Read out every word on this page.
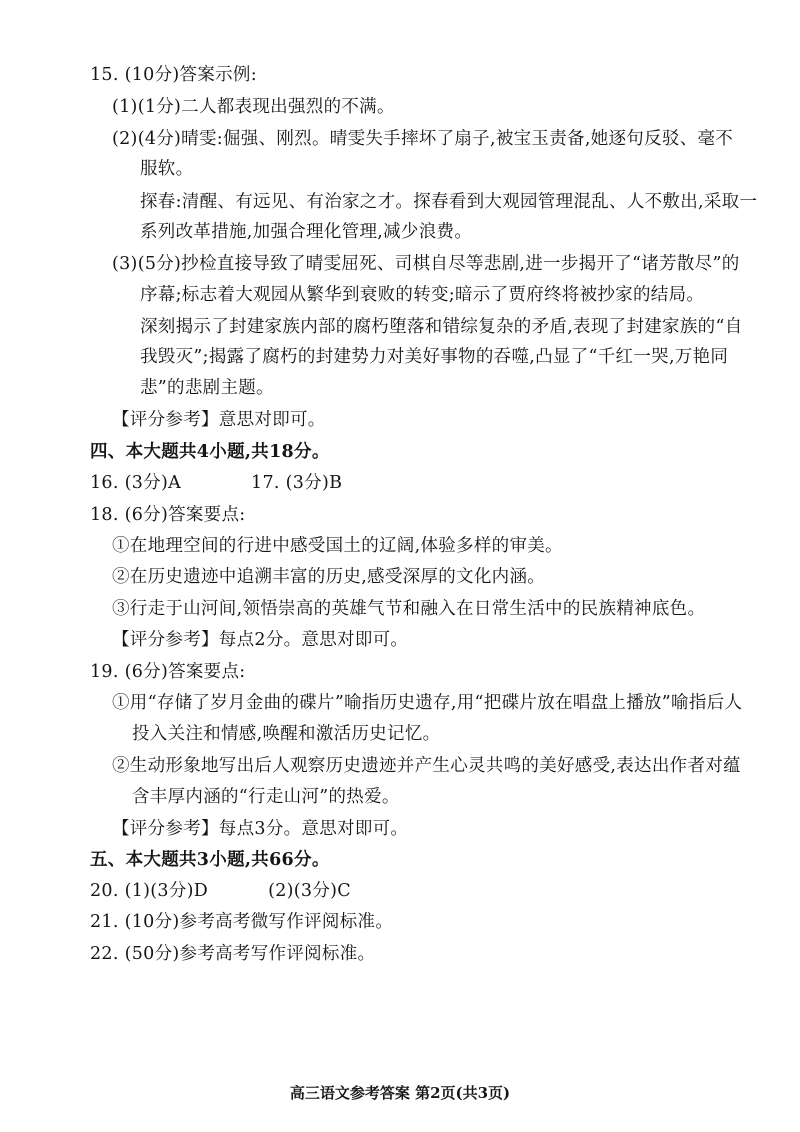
15. (10分)答案示例:
(1)(1分)二人都表现出强烈的不满。
(2)(4分)晴雯:倔强、刚烈。晴雯失手摔坏了扇子,被宝玉责备,她逐句反驳、毫不
服软。
探春:清醒、有远见、有治家之才。探春看到大观园管理混乱、人不敷出,采取一
系列改革措施,加强合理化管理,减少浪费。
(3)(5分)抄检直接导致了晴雯屈死、司棋自尽等悲剧,进一步揭开了“诸芳散尽”的
序幕;标志着大观园从繁华到衰败的转变;暗示了贾府终将被抄家的结局。
深刻揭示了封建家族内部的腐朽堕落和错综复杂的矛盾,表现了封建家族的“自
我毁灭”;揭露了腐朽的封建势力对美好事物的吞噬,凸显了“千红一哭,万艳同
悲”的悲剧主题。
【评分参考】意思对即可。
四、本大题共4小题,共18分。
16. (3分)A	17. (3分)B
18. (6分)答案要点:
①在地理空间的行进中感受国土的辽阔,体验多样的审美。
②在历史遗迹中追溯丰富的历史,感受深厚的文化内涵。
③行走于山河间,领悟崇高的英雄气节和融入在日常生活中的民族精神底色。
【评分参考】每点2分。意思对即可。
19. (6分)答案要点:
①用“存储了岁月金曲的碟片”喻指历史遗存,用“把碟片放在唱盘上播放”喻指后人
投入关注和情感,唤醒和激活历史记忆。
②生动形象地写出后人观察历史遗迹并产生心灵共鸣的美好感受,表达出作者对蕴
含丰厚内涵的“行走山河”的热爱。
【评分参考】每点3分。意思对即可。
五、本大题共3小题,共66分。
20. (1)(3分)D	(2)(3分)C
21. (10分)参考高考微写作评阅标准。
22. (50分)参考高考写作评阅标准。
高三语文参考答案 第2页(共3页)
